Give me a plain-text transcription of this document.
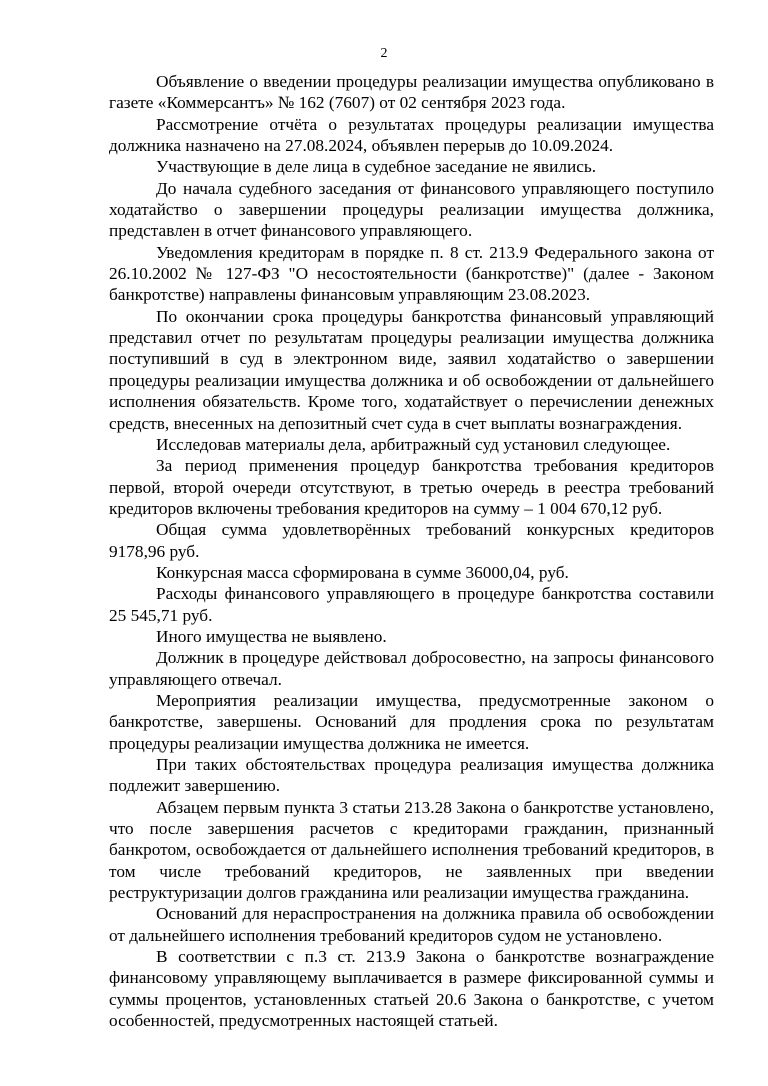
2

Объявление о введении процедуры реализации имущества опубликовано в газете «Коммерсантъ» № 162 (7607) от 02 сентября 2023 года.

Рассмотрение отчёта о результатах процедуры реализации имущества должника назначено на 27.08.2024, объявлен перерыв до 10.09.2024.

Участвующие в деле лица в судебное заседание не явились.

До начала судебного заседания от финансового управляющего поступило ходатайство о завершении процедуры реализации имущества должника, представлен в отчет финансового управляющего.

Уведомления кредиторам в порядке п. 8 ст. 213.9 Федерального закона от 26.10.2002 № 127-ФЗ "О несостоятельности (банкротстве)" (далее - Законом банкротстве) направлены финансовым управляющим 23.08.2023.

По окончании срока процедуры банкротства финансовый управляющий представил отчет по результатам процедуры реализации имущества должника поступивший в суд в электронном виде, заявил ходатайство о завершении процедуры реализации имущества должника и об освобождении от дальнейшего исполнения обязательств. Кроме того, ходатайствует о перечислении денежных средств, внесенных на депозитный счет суда в счет выплаты вознаграждения.

Исследовав материалы дела, арбитражный суд установил следующее.

За период применения процедур банкротства требования кредиторов первой, второй очереди отсутствуют, в третью очередь в реестра требований кредиторов включены требования кредиторов на сумму – 1 004 670,12 руб.

Общая сумма удовлетворённых требований конкурсных кредиторов 9178,96 руб.

Конкурсная масса сформирована в сумме 36000,04, руб.

Расходы финансового управляющего в процедуре банкротства составили 25 545,71 руб.

Иного имущества не выявлено.

Должник в процедуре действовал добросовестно, на запросы финансового управляющего отвечал.

Мероприятия реализации имущества, предусмотренные законом о банкротстве, завершены. Оснований для продления срока по результатам процедуры реализации имущества должника не имеется.

При таких обстоятельствах процедура реализация имущества должника подлежит завершению.

Абзацем первым пункта 3 статьи 213.28 Закона о банкротстве установлено, что после завершения расчетов с кредиторами гражданин, признанный банкротом, освобождается от дальнейшего исполнения требований кредиторов, в том числе требований кредиторов, не заявленных при введении реструктуризации долгов гражданина или реализации имущества гражданина.

Оснований для нераспространения на должника правила об освобождении от дальнейшего исполнения требований кредиторов судом не установлено.

В соответствии с п.3 ст. 213.9 Закона о банкротстве вознаграждение финансовому управляющему выплачивается в размере фиксированной суммы и суммы процентов, установленных статьей 20.6 Закона о банкротстве, с учетом особенностей, предусмотренных настоящей статьей.
